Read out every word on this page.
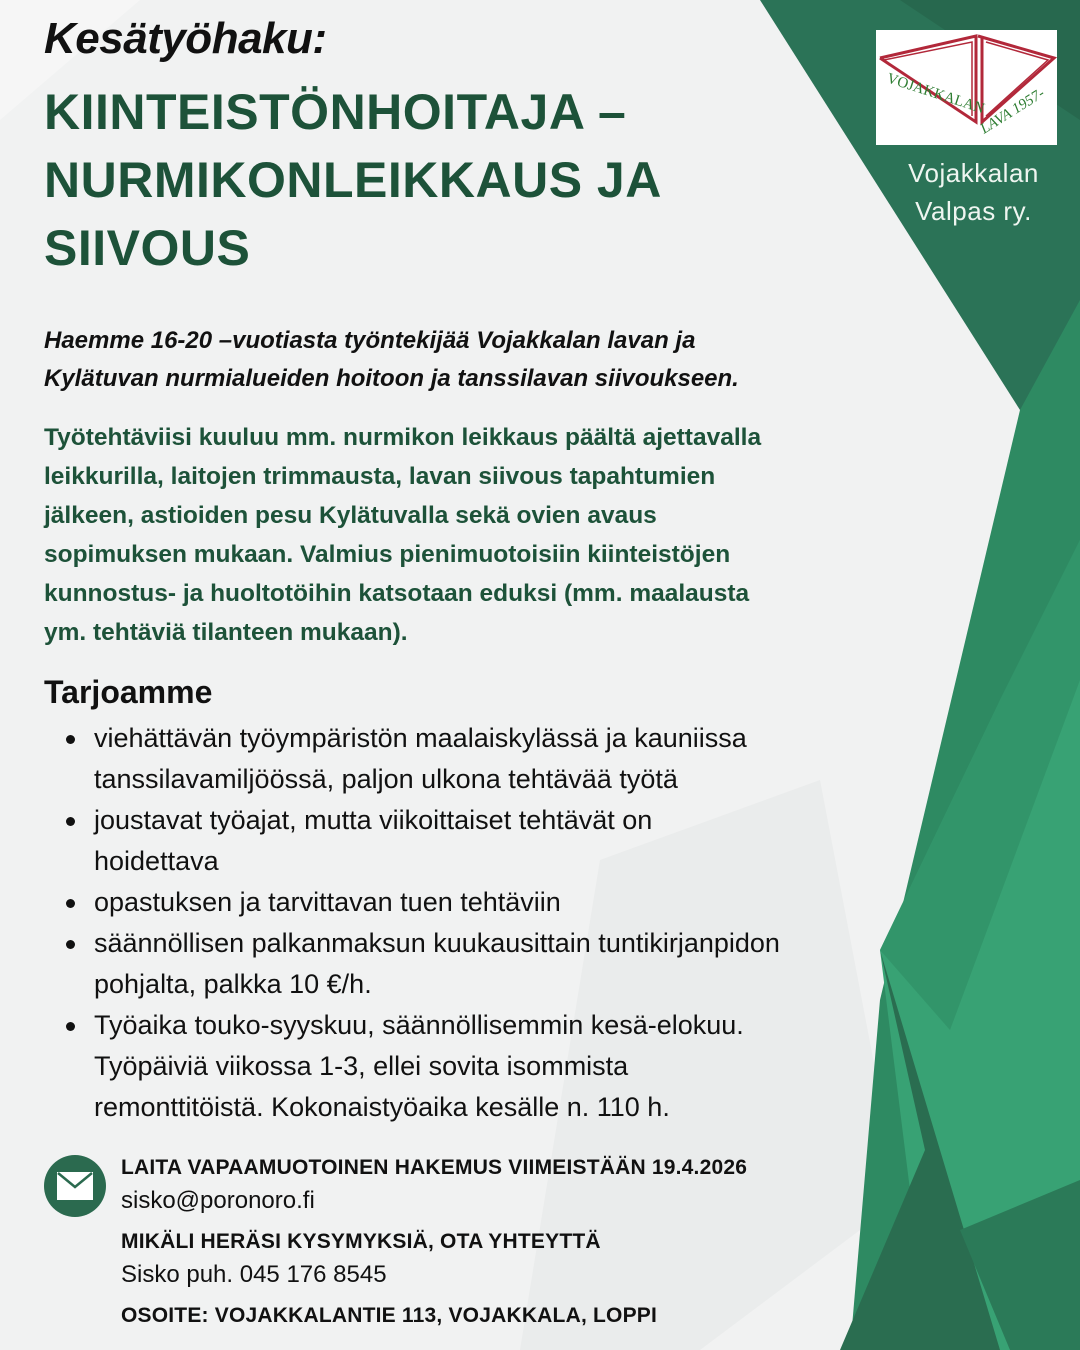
Kesätyöhaku:
KIINTEISTÖNHOITAJA –
NURMIKONLEIKKAUS JA
SIIVOUS
Haemme 16-20 –vuotiasta työntekijää Vojakkalan lavan ja
Kylätuvan nurmialueiden hoitoon ja tanssilavan siivoukseen.
Työtehtäviisi kuuluu mm. nurmikon leikkaus päältä ajettavalla
leikkurilla, laitojen trimmausta, lavan siivous tapahtumien
jälkeen, astioiden pesu Kylätuvalla sekä ovien avaus
sopimuksen mukaan. Valmius pienimuotoisiin kiinteistöjen
kunnostus- ja huoltotöihin katsotaan eduksi (mm. maalausta
ym. tehtäviä tilanteen mukaan).
Tarjoamme
viehättävän työympäristön maalaiskylässä ja kauniissa
tanssilavamiljöössä, paljon ulkona tehtävää työtä
joustavat työajat, mutta viikoittaiset tehtävät on
hoidettava
opastuksen ja tarvittavan tuen tehtäviin
säännöllisen palkanmaksun kuukausittain tuntikirjanpidon
pohjalta, palkka 10 €/h.
Työaika touko-syyskuu, säännöllisemmin kesä-elokuu.
Työpäiviä viikossa 1-3, ellei sovita isommista
remonttitöistä. Kokonaistyöaika kesälle n. 110 h.
LAITA VAPAAMUOTOINEN HAKEMUS VIIMEISTÄÄN 19.4.2026
sisko@poronoro.fi
MIKÄLI HERÄSI KYSYMYKSIÄ, OTA YHTEYTTÄ
Sisko puh. 045 176 8545
OSOITE: VOJAKKALANTIE 113, VOJAKKALA, LOPPI
VOJAKKALAN
LAVA 1957-
Vojakkalan
Valpas ry.
